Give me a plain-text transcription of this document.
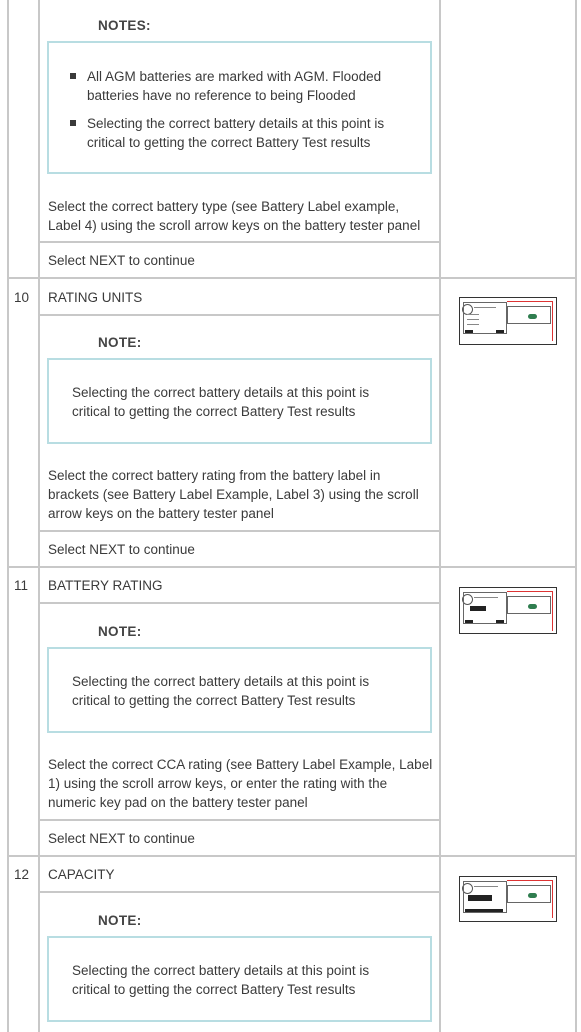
NOTES:
All AGM batteries are marked with AGM. Flooded batteries have no reference to being Flooded
Selecting the correct battery details at this point is critical to getting the correct Battery Test results
Select the correct battery type (see Battery Label example, Label 4) using the scroll arrow keys on the battery tester panel
Select NEXT to continue
10 RATING UNITS
NOTE:
Selecting the correct battery details at this point is critical to getting the correct Battery Test results
Select the correct battery rating from the battery label in brackets (see Battery Label Example, Label 3) using the scroll arrow keys on the battery tester panel
Select NEXT to continue
11 BATTERY RATING
NOTE:
Selecting the correct battery details at this point is critical to getting the correct Battery Test results
Select the correct CCA rating (see Battery Label Example, Label 1) using the scroll arrow keys, or enter the rating with the numeric key pad on the battery tester panel
Select NEXT to continue
12 CAPACITY
NOTE:
Selecting the correct battery details at this point is critical to getting the correct Battery Test results
